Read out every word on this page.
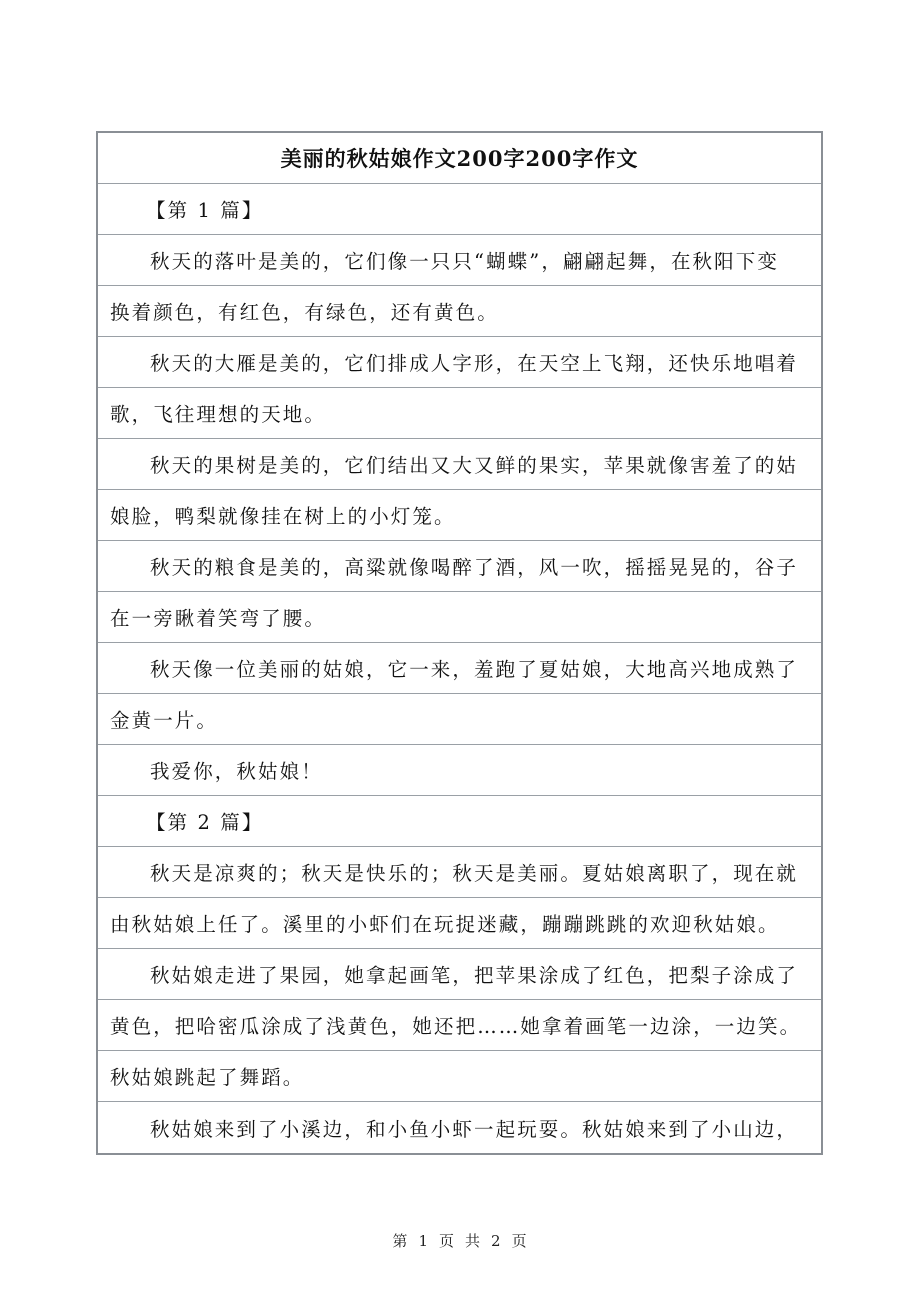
美丽的秋姑娘作文200字200字作文
【第 1 篇】
秋天的落叶是美的，它们像一只只“蝴蝶”，翩翩起舞，在秋阳下变
换着颜色，有红色，有绿色，还有黄色。
秋天的大雁是美的，它们排成人字形，在天空上飞翔，还快乐地唱着
歌，飞往理想的天地。
秋天的果树是美的，它们结出又大又鲜的果实，苹果就像害羞了的姑
娘脸，鸭梨就像挂在树上的小灯笼。
秋天的粮食是美的，高粱就像喝醉了酒，风一吹，摇摇晃晃的，谷子
在一旁瞅着笑弯了腰。
秋天像一位美丽的姑娘，它一来，羞跑了夏姑娘，大地高兴地成熟了
金黄一片。
我爱你，秋姑娘！
【第 2 篇】
秋天是凉爽的；秋天是快乐的；秋天是美丽。夏姑娘离职了，现在就
由秋姑娘上任了。溪里的小虾们在玩捉迷藏，蹦蹦跳跳的欢迎秋姑娘。
秋姑娘走进了果园，她拿起画笔，把苹果涂成了红色，把梨子涂成了
黄色，把哈密瓜涂成了浅黄色，她还把……她拿着画笔一边涂，一边笑。
秋姑娘跳起了舞蹈。
秋姑娘来到了小溪边，和小鱼小虾一起玩耍。秋姑娘来到了小山边，
第 1 页 共 2 页
